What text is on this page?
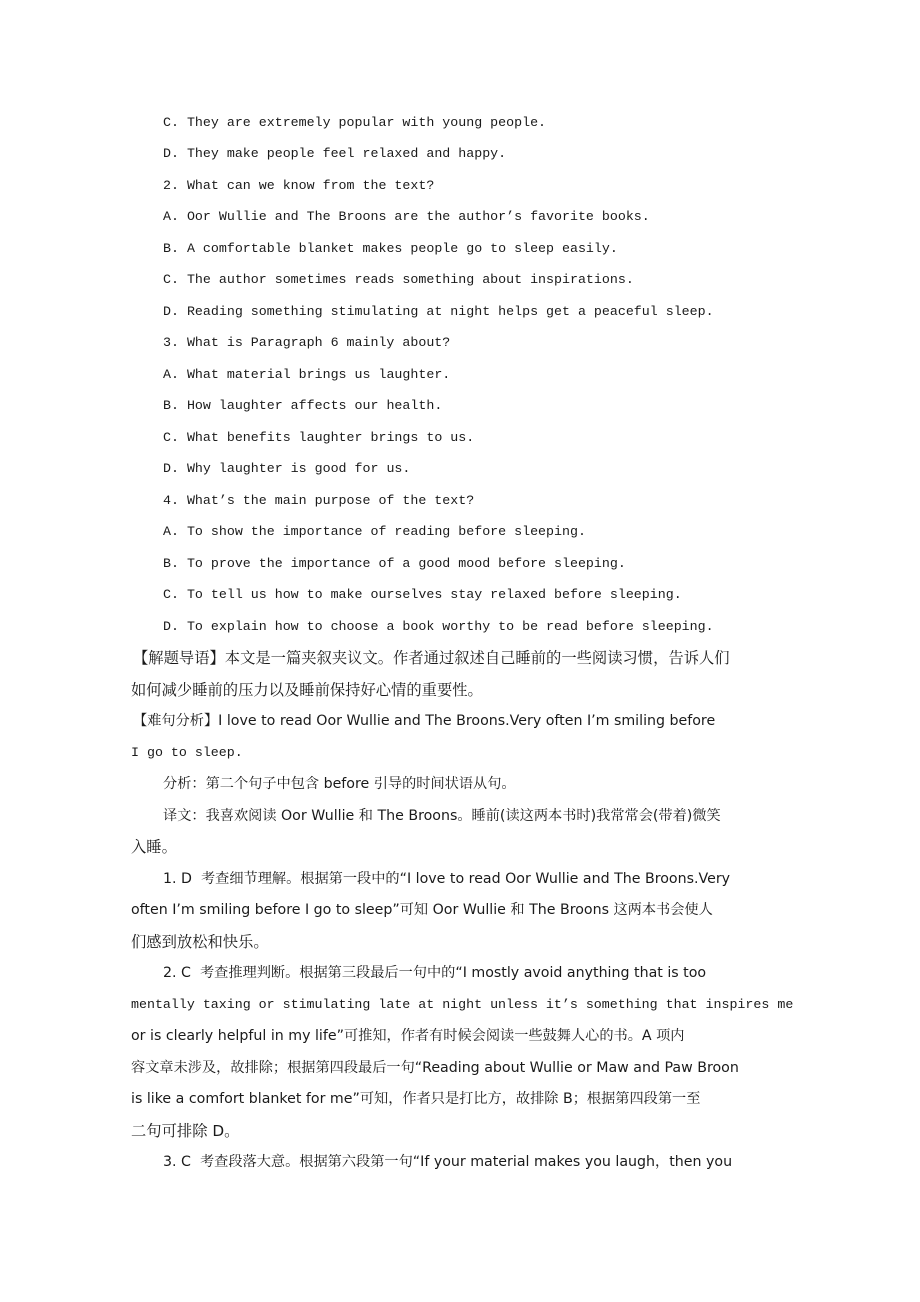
C. They are extremely popular with young people.
D. They make people feel relaxed and happy.
2. What can we know from the text?
A. Oor Wullie and The Broons are the author’s favorite books.
B. A comfortable blanket makes people go to sleep easily.
C. The author sometimes reads something about inspirations.
D. Reading something stimulating at night helps get a peaceful sleep.
3. What is Paragraph 6 mainly about?
A. What material brings us laughter.
B. How laughter affects our health.
C. What benefits laughter brings to us.
D. Why laughter is good for us.
4. What’s the main purpose of the text?
A. To show the importance of reading before sleeping.
B. To prove the importance of a good mood before sleeping.
C. To tell us how to make ourselves stay relaxed before sleeping.
D. To explain how to choose a book worthy to be read before sleeping.
【解题导语】本文是一篇夹叙夹议文。作者通过叙述自己睡前的一些阅读习惯，告诉人们
如何减少睡前的压力以及睡前保持好心情的重要性。
【难句分析】I love to read Oor Wullie and The Broons.Very often I’m smiling before
I go to sleep.
分析：第二个句子中包含 before 引导的时间状语从句。
译文：我喜欢阅读 Oor Wullie 和 The Broons。睡前(读这两本书时)我常常会(带着)微笑
入睡。
1. D  考查细节理解。根据第一段中的“I love to read Oor Wullie and The Broons.Very
often I’m smiling before I go to sleep”可知 Oor Wullie 和 The Broons 这两本书会使人
们感到放松和快乐。
2. C  考查推理判断。根据第三段最后一句中的“I mostly avoid anything that is too
mentally taxing or stimulating late at night unless it’s something that inspires me
or is clearly helpful in my life”可推知，作者有时候会阅读一些鼓舞人心的书。A 项内
容文章未涉及，故排除；根据第四段最后一句“Reading about Wullie or Maw and Paw Broon
is like a comfort blanket for me”可知，作者只是打比方，故排除 B；根据第四段第一至
二句可排除 D。
3. C  考查段落大意。根据第六段第一句“If your material makes you laugh，then you
